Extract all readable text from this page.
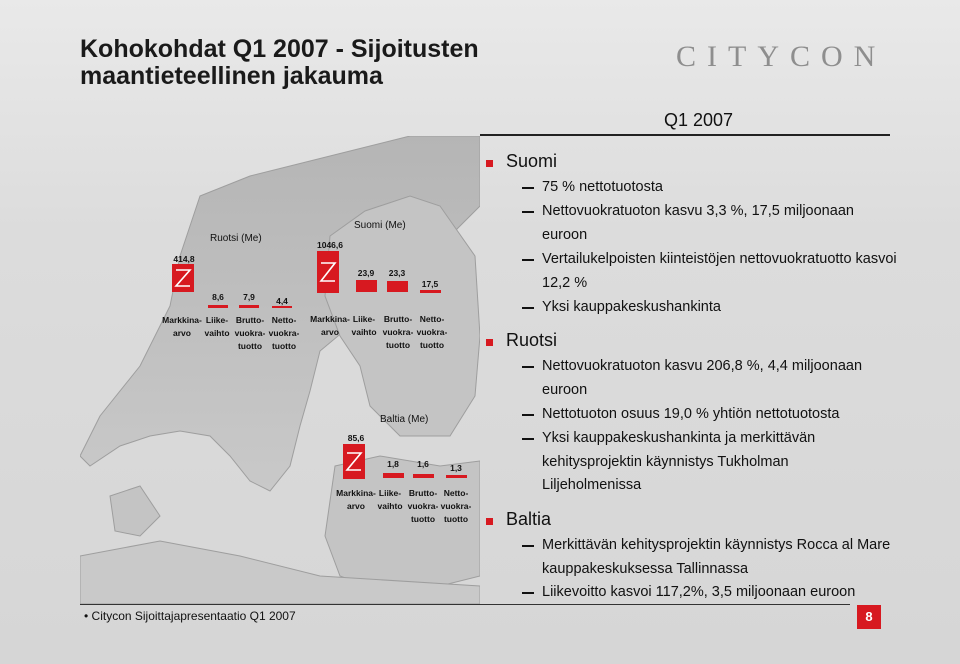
Kohokohdat Q1 2007 - Sijoitusten maantieteellinen jakauma
CITYCON
Q1 2007
Ruotsi (Me)
414,8
8,6 7,9 4,4
Markkina-
arvo
Liike-
vaihto
Brutto-
vuokra-
tuotto
Netto-
vuokra-
tuotto
Suomi (Me)
1046,6
23,9 23,3
17,5
Markkina-
arvo
Liike-
vaihto
Brutto-
vuokra-
tuotto
Netto-
vuokra-
tuotto
Baltia (Me)
85,6
1,8 1,6 1,3
Markkina-
arvo
Liike-
vaihto
Brutto-
vuokra-
tuotto
Netto-
vuokra-
tuotto
Suomi
75 % nettotuotosta
Nettovuokratuoton kasvu 3,3 %, 17,5 miljoonaan euroon
Vertailukelpoisten kiinteistöjen nettovuokratuotto kasvoi 12,2 %
Yksi kauppakeskushankinta
Ruotsi
Nettovuokratuoton kasvu 206,8 %, 4,4 miljoonaan euroon
Nettotuoton osuus 19,0 % yhtiön nettotuotosta
Yksi kauppakeskushankinta ja merkittävän kehitysprojektin käynnistys Tukholman Liljeholmenissa
Baltia
Merkittävän kehitysprojektin käynnistys Rocca al Mare kauppakeskuksessa Tallinnassa
Liikevoitto kasvoi 117,2%, 3,5 miljoonaan euroon
• Citycon Sijoittajapresentaatio Q1 2007	8
